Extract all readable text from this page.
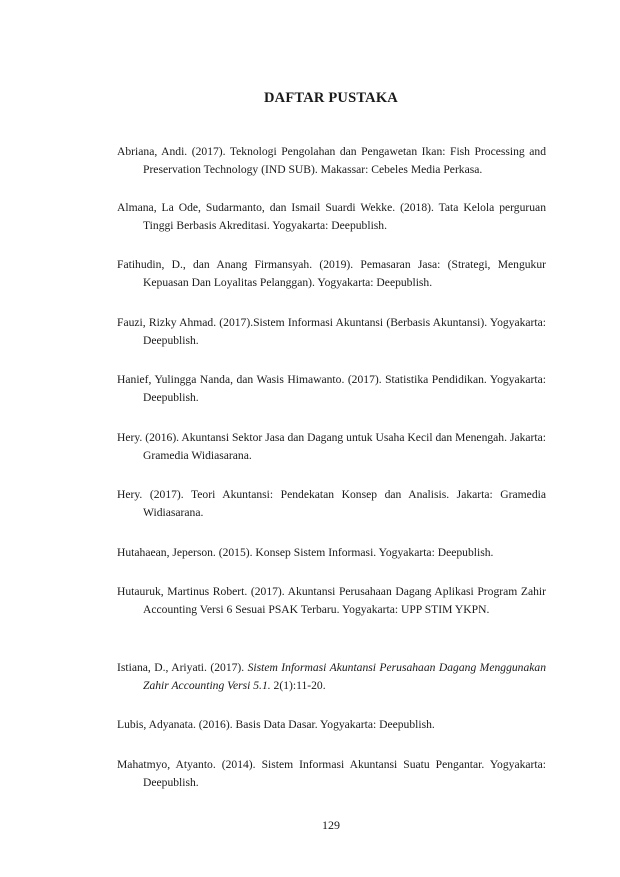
DAFTAR PUSTAKA
Abriana, Andi. (2017). Teknologi Pengolahan dan Pengawetan Ikan: Fish Processing and Preservation Technology (IND SUB). Makassar: Cebeles Media Perkasa.
Almana, La Ode, Sudarmanto, dan Ismail Suardi Wekke. (2018). Tata Kelola perguruan Tinggi Berbasis Akreditasi. Yogyakarta: Deepublish.
Fatihudin, D., dan Anang Firmansyah. (2019). Pemasaran Jasa: (Strategi, Mengukur Kepuasan Dan Loyalitas Pelanggan). Yogyakarta: Deepublish.
Fauzi, Rizky Ahmad. (2017).Sistem Informasi Akuntansi (Berbasis Akuntansi). Yogyakarta: Deepublish.
Hanief, Yulingga Nanda, dan Wasis Himawanto. (2017). Statistika Pendidikan. Yogyakarta: Deepublish.
Hery. (2016). Akuntansi Sektor Jasa dan Dagang untuk Usaha Kecil dan Menengah. Jakarta: Gramedia Widiasarana.
Hery. (2017). Teori Akuntansi: Pendekatan Konsep dan Analisis. Jakarta: Gramedia Widiasarana.
Hutahaean, Jeperson. (2015). Konsep Sistem Informasi. Yogyakarta: Deepublish.
Hutauruk, Martinus Robert. (2017). Akuntansi Perusahaan Dagang Aplikasi Program Zahir Accounting Versi 6 Sesuai PSAK Terbaru. Yogyakarta: UPP STIM YKPN.
Istiana, D., Ariyati. (2017). Sistem Informasi Akuntansi Perusahaan Dagang Menggunakan Zahir Accounting Versi 5.1. 2(1):11-20.
Lubis, Adyanata. (2016). Basis Data Dasar. Yogyakarta: Deepublish.
Mahatmyo, Atyanto. (2014). Sistem Informasi Akuntansi Suatu Pengantar. Yogyakarta: Deepublish.
129
